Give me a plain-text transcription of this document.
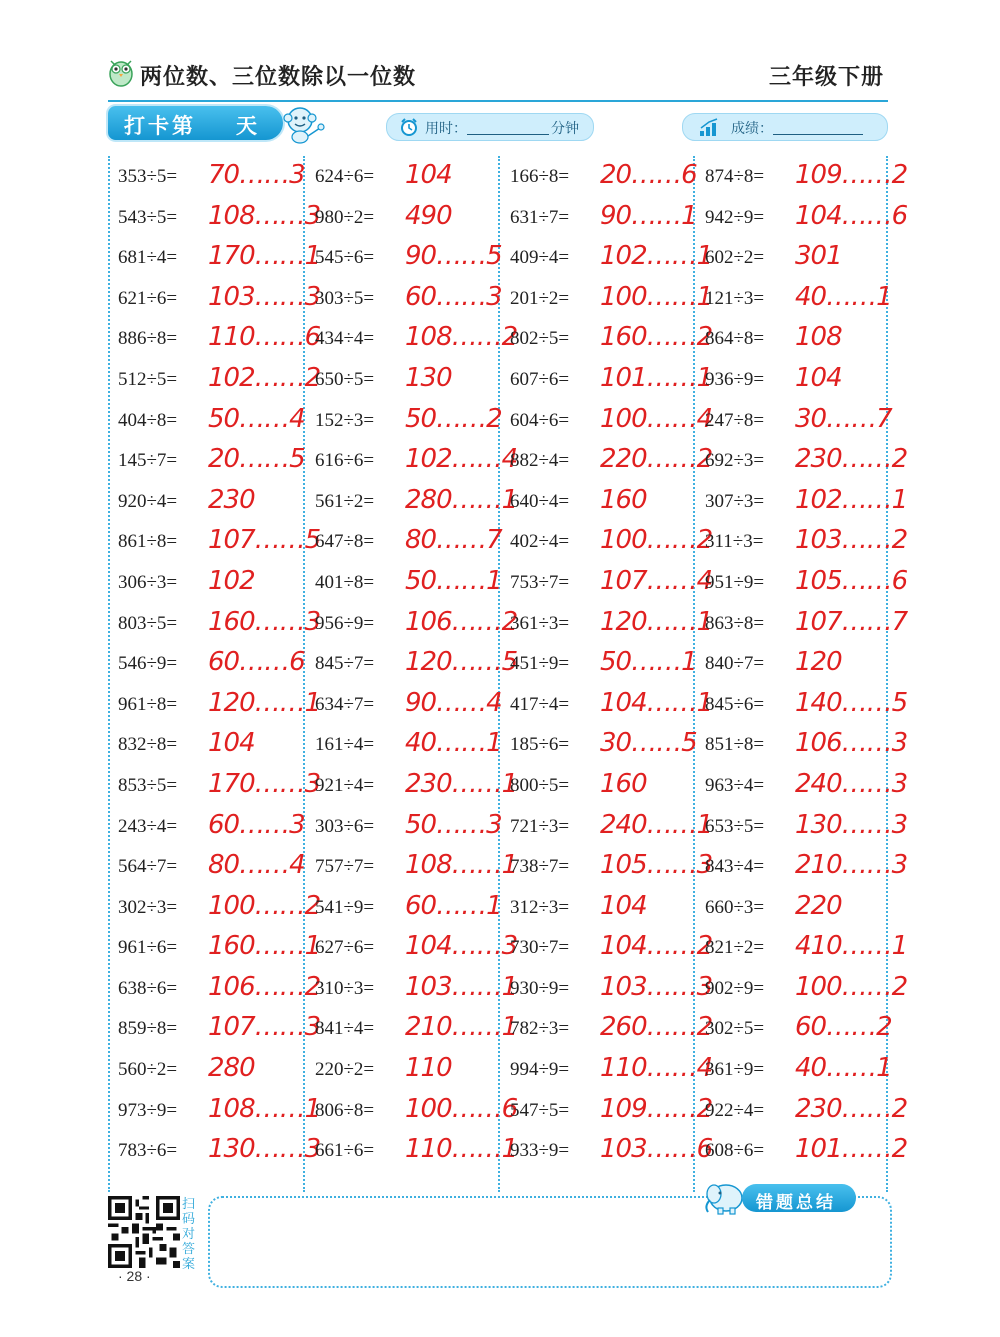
两位数、三位数除以一位数	三年级下册
打卡第 天	用时：	分钟	成绩：
353÷5= 70……3
543÷5= 108……3
681÷4= 170……1
621÷6= 103……3
886÷8= 110……6
512÷5= 102……2
404÷8= 50……4
145÷7= 20……5
920÷4= 230
861÷8= 107……5
306÷3= 102
803÷5= 160……3
546÷9= 60……6
961÷8= 120……1
832÷8= 104
853÷5= 170……3
243÷4= 60……3
564÷7= 80……4
302÷3= 100……2
961÷6= 160……1
638÷6= 106……2
859÷8= 107……3
560÷2= 280
973÷9= 108……1
783÷6= 130……3
624÷6= 104
980÷2= 490
545÷6= 90……5
303÷5= 60……3
434÷4= 108……2
650÷5= 130
152÷3= 50……2
616÷6= 102……4
561÷2= 280……1
647÷8= 80……7
401÷8= 50……1
956÷9= 106……2
845÷7= 120……5
634÷7= 90……4
161÷4= 40……1
921÷4= 230……1
303÷6= 50……3
757÷7= 108……1
541÷9= 60……1
627÷6= 104……3
310÷3= 103……1
841÷4= 210……1
220÷2= 110
806÷8= 100……6
661÷6= 110……1
166÷8= 20……6
631÷7= 90……1
409÷4= 102……1
201÷2= 100……1
802÷5= 160……2
607÷6= 101……1
604÷6= 100……4
882÷4= 220……2
640÷4= 160
402÷4= 100……2
753÷7= 107……4
361÷3= 120……1
451÷9= 50……1
417÷4= 104……1
185÷6= 30……5
800÷5= 160
721÷3= 240……1
738÷7= 105……3
312÷3= 104
730÷7= 104……2
930÷9= 103……3
782÷3= 260……2
994÷9= 110……4
547÷5= 109……2
933÷9= 103……6
874÷8= 109……2
942÷9= 104……6
602÷2= 301
121÷3= 40……1
864÷8= 108
936÷9= 104
247÷8= 30……7
692÷3= 230……2
307÷3= 102……1
311÷3= 103……2
951÷9= 105……6
863÷8= 107……7
840÷7= 120
845÷6= 140……5
851÷8= 106……3
963÷4= 240……3
653÷5= 130……3
843÷4= 210……3
660÷3= 220
821÷2= 410……1
902÷9= 100……2
302÷5= 60……2
361÷9= 40……1
922÷4= 230……2
608÷6= 101……2
扫码对答案
· 28 ·
错题总结
